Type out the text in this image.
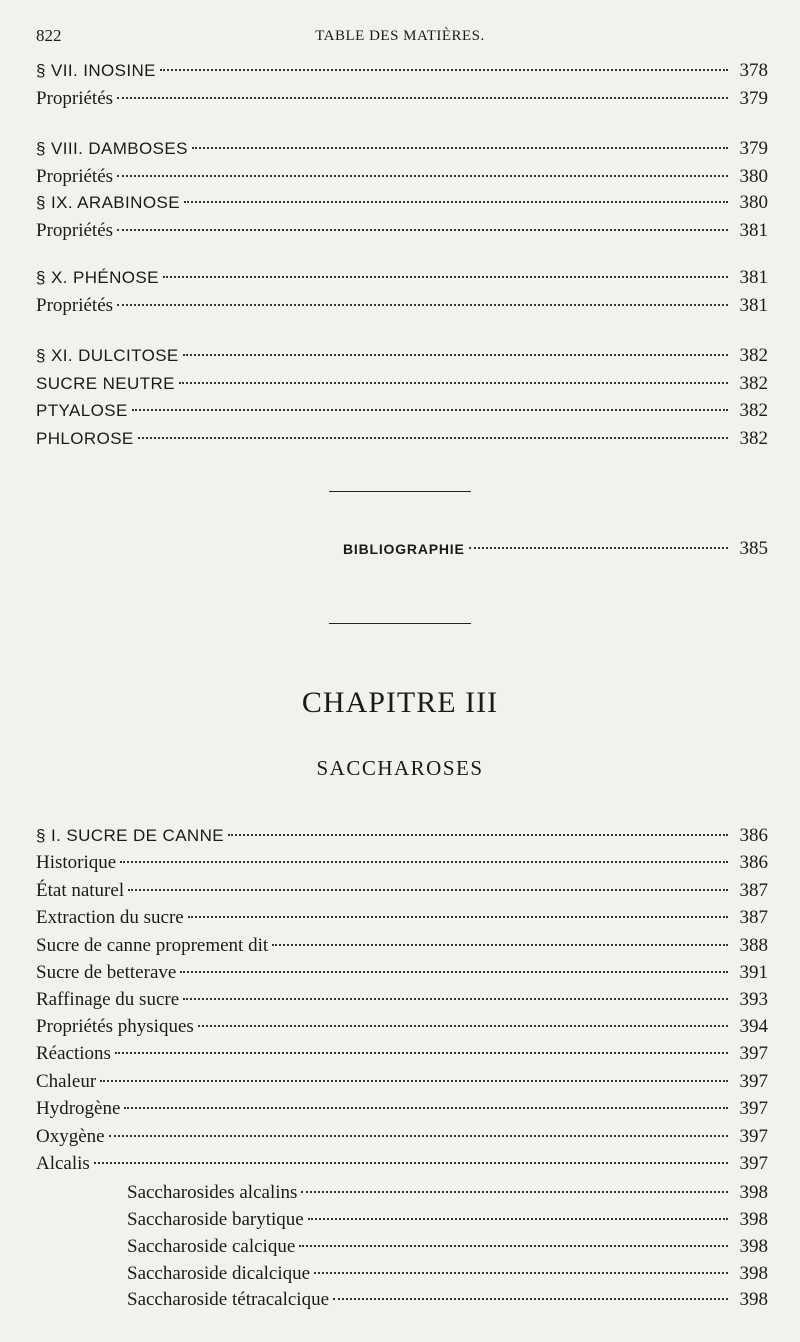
822	TABLE DES MATIÈRES.
§ VII. INOSINE	378
Propriétés	379
§ VIII. DAMBOSES	379
Propriétés	380
§ IX. ARABINOSE	380
Propriétés	381
§ X. PHÉNOSE	381
Propriétés	381
§ XI. DULCITOSE	382
SUCRE NEUTRE	382
PTYALOSE	382
PHLOROSE	382
BIBLIOGRAPHIE	385
CHAPITRE III
SACCHAROSES
§ I. SUCRE DE CANNE	386
Historique	386
État naturel	387
Extraction du sucre	387
Sucre de canne proprement dit	388
Sucre de betterave	391
Raffinage du sucre	393
Propriétés physiques	394
Réactions	397
Chaleur	397
Hydrogène	397
Oxygène	397
Alcalis	397
Saccharosides alcalins	398
Saccharoside barytique	398
Saccharoside calcique	398
Saccharoside dicalcique	398
Saccharoside tétracalcique	398
